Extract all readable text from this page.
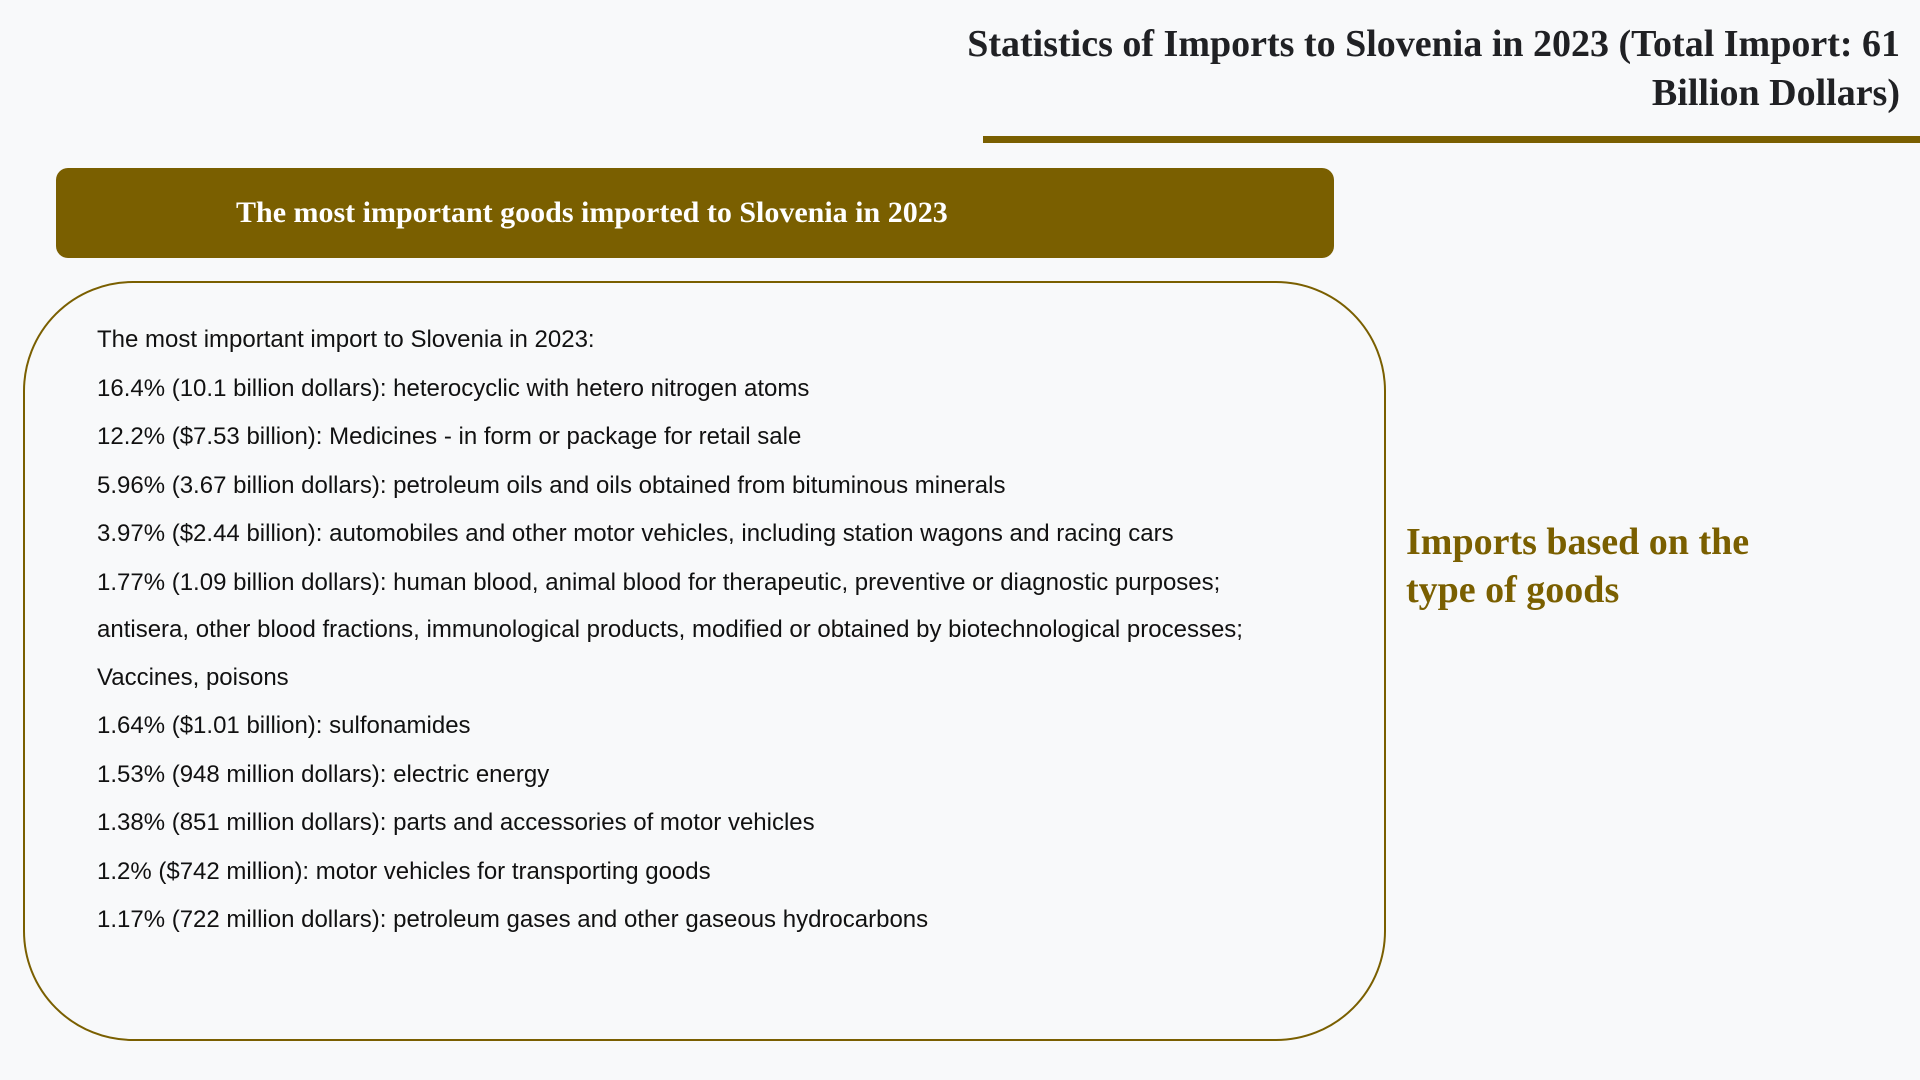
Statistics of Imports to Slovenia in 2023 (Total Import: 61 Billion Dollars)
The most important goods imported to Slovenia in 2023
The most important import to Slovenia in 2023:
16.4% (10.1 billion dollars): heterocyclic with hetero nitrogen atoms
12.2% ($7.53 billion): Medicines - in form or package for retail sale
5.96% (3.67 billion dollars): petroleum oils and oils obtained from bituminous minerals
3.97% ($2.44 billion): automobiles and other motor vehicles, including station wagons and racing cars
1.77% (1.09 billion dollars): human blood, animal blood for therapeutic, preventive or diagnostic purposes; antisera, other blood fractions, immunological products, modified or obtained by biotechnological processes; Vaccines, poisons
1.64% ($1.01 billion): sulfonamides
1.53% (948 million dollars): electric energy
1.38% (851 million dollars): parts and accessories of motor vehicles
1.2% ($742 million): motor vehicles for transporting goods
1.17% (722 million dollars): petroleum gases and other gaseous hydrocarbons
Imports based on the type of goods
